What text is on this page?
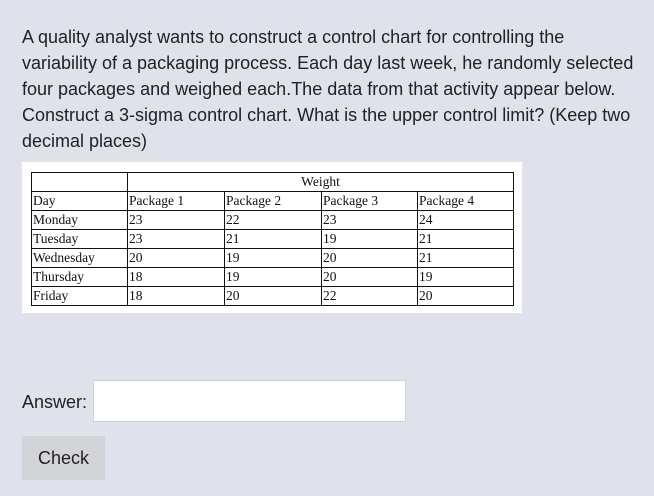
A quality analyst wants to construct a control chart for controlling the variability of a packaging process. Each day last week, he randomly selected four packages and weighed each.The data from that activity appear below. Construct a 3-sigma control chart. What is the upper control limit? (Keep two decimal places)

	Weight			
Day	Package 1	Package 2	Package 3	Package 4
Monday	23	22	23	24
Tuesday	23	21	19	21
Wednesday	20	19	20	21
Thursday	18	19	20	19
Friday	18	20	22	20
Answer:
Check
